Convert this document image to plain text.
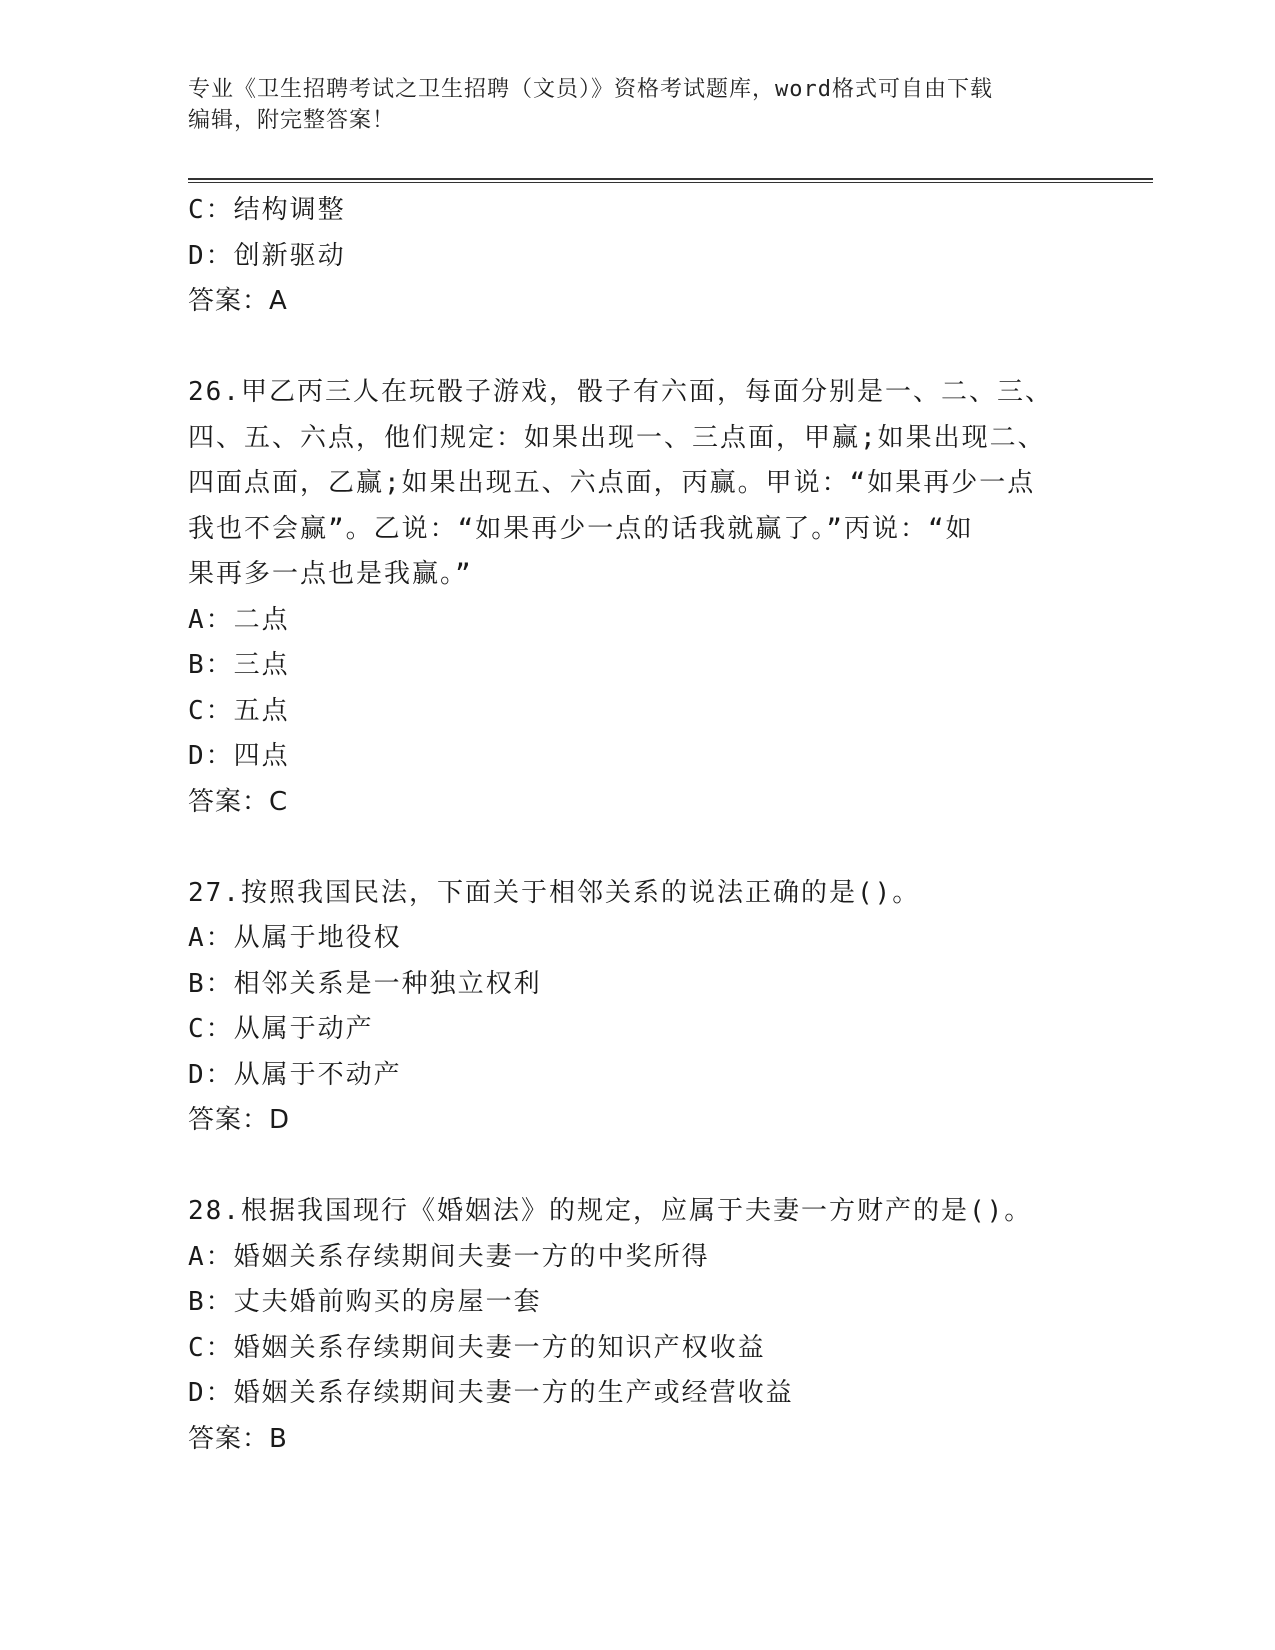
专业《卫生招聘考试之卫生招聘（文员）》资格考试题库，word格式可自由下载
编辑，附完整答案！
C：结构调整
D：创新驱动
答案：A
26.甲乙丙三人在玩骰子游戏，骰子有六面，每面分别是一、二、三、
四、五、六点，他们规定：如果出现一、三点面，甲赢;如果出现二、
四面点面，乙赢;如果出现五、六点面，丙赢。甲说：“如果再少一点
我也不会赢”。乙说：“如果再少一点的话我就赢了。”丙说：“如
果再多一点也是我赢。”
A：二点
B：三点
C：五点
D：四点
答案：C
27.按照我国民法，下面关于相邻关系的说法正确的是()。
A：从属于地役权
B：相邻关系是一种独立权利
C：从属于动产
D：从属于不动产
答案：D
28.根据我国现行《婚姻法》的规定，应属于夫妻一方财产的是()。
A：婚姻关系存续期间夫妻一方的中奖所得
B：丈夫婚前购买的房屋一套
C：婚姻关系存续期间夫妻一方的知识产权收益
D：婚姻关系存续期间夫妻一方的生产或经营收益
答案：B
